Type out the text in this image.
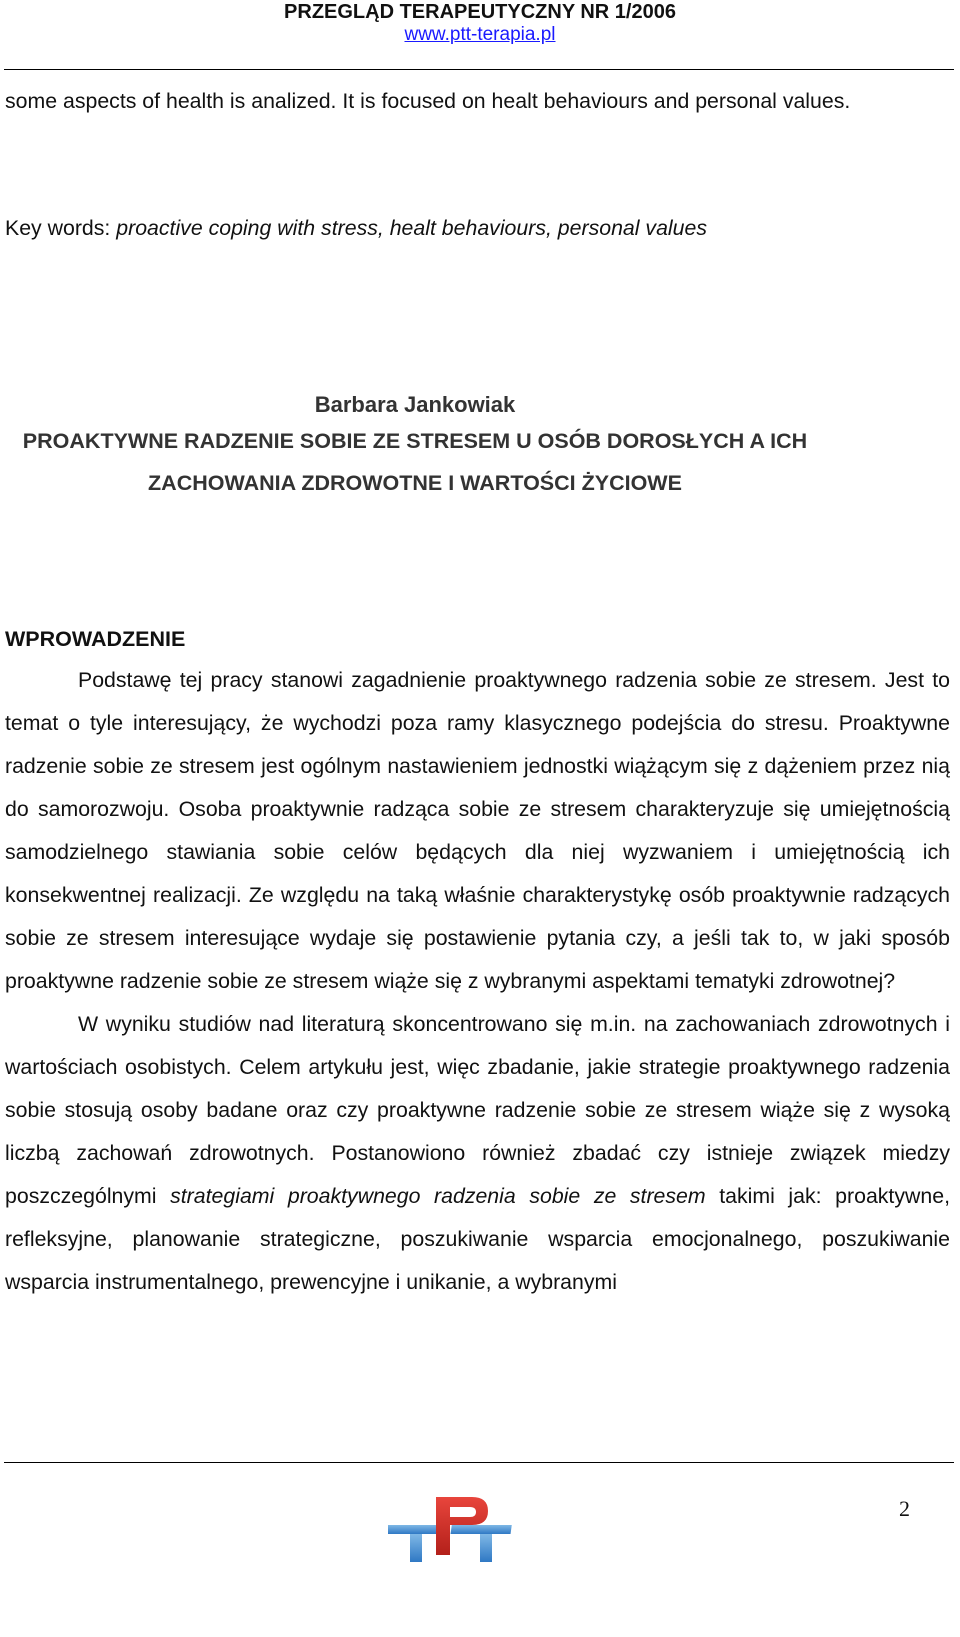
PRZEGLĄD TERAPEUTYCZNY NR 1/2006
www.ptt-terapia.pl

some aspects of health is analized. It is focused on healt behaviours and personal values.

Key words: proactive coping with stress, healt behaviours, personal values
Barbara Jankowiak
PROAKTYWNE RADZENIE SOBIE ZE STRESEM U OSÓB DOROSŁYCH A ICH
ZACHOWANIA ZDROWOTNE I WARTOŚCI ŻYCIOWE
WPROWADZENIE

Podstawę tej pracy stanowi zagadnienie proaktywnego radzenia sobie ze stresem. Jest to temat o tyle interesujący, że wychodzi poza ramy klasycznego podejścia do stresu. Proaktywne radzenie sobie ze stresem jest ogólnym nastawieniem jednostki wiążącym się z dążeniem przez nią do samorozwoju. Osoba proaktywnie radząca sobie ze stresem charakteryzuje się umiejętnością samodzielnego stawiania sobie celów będących dla niej wyzwaniem i umiejętnością ich konsekwentnej realizacji. Ze względu na taką właśnie charakterystykę osób proaktywnie radzących sobie ze stresem interesujące wydaje się postawienie pytania czy, a jeśli tak to, w jaki sposób proaktywne radzenie sobie ze stresem wiąże się z wybranymi aspektami tematyki zdrowotnej?

W wyniku studiów nad literaturą skoncentrowano się m.in. na zachowaniach zdrowotnych i wartościach osobistych. Celem artykułu jest, więc zbadanie, jakie strategie proaktywnego radzenia sobie stosują osoby badane oraz czy proaktywne radzenie sobie ze stresem wiąże się z wysoką liczbą zachowań zdrowotnych. Postanowiono również zbadać czy istnieje związek miedzy poszczególnymi strategiami proaktywnego radzenia sobie ze stresem takimi jak: proaktywne, refleksyjne, planowanie strategiczne, poszukiwanie wsparcia emocjonalnego, poszukiwanie wsparcia instrumentalnego, prewencyjne i unikanie, a wybranymi

2
